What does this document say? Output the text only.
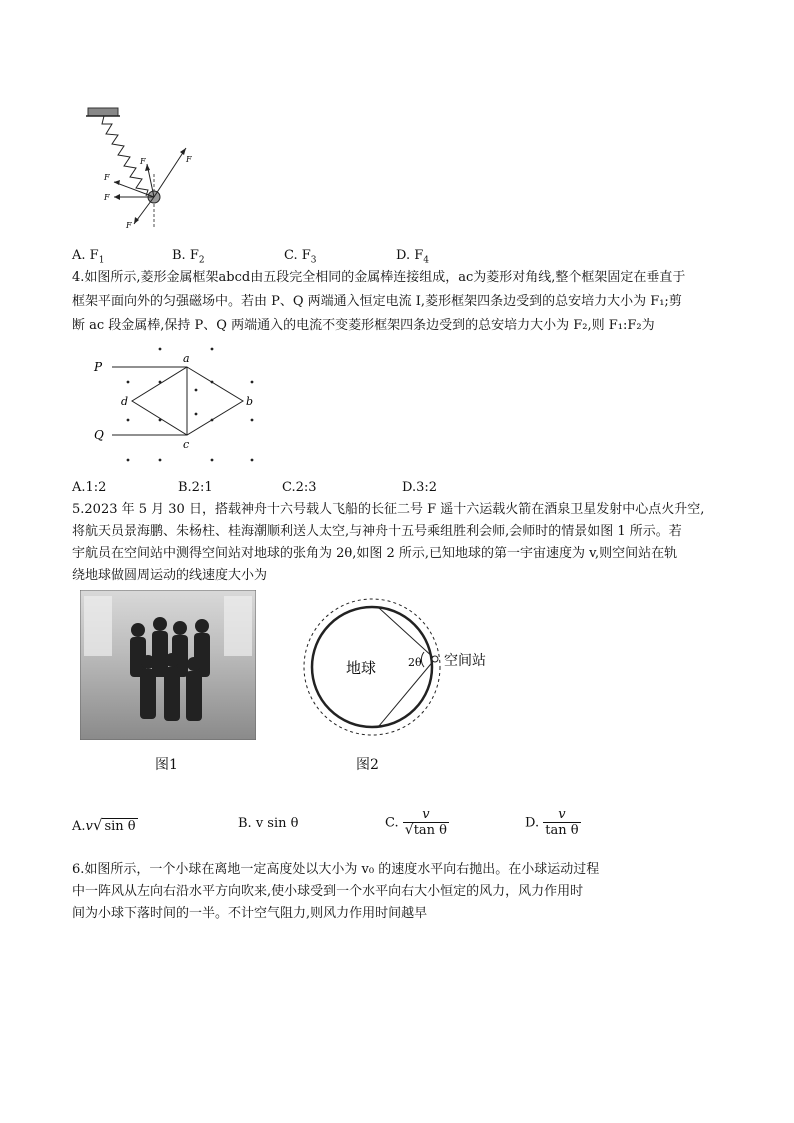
F
F
F
F
F
A. $F_1$	B. $F_2$	C. $F_3$	D. $F_4$
4.如图所示,菱形金属框架abcd由五段完全相同的金属棒连接组成，ac为菱形对角线,整个框架固定在垂直于
框架平面向外的匀强磁场中。若由 P、Q 两端通入恒定电流 I,菱形框架四条边受到的总安培力大小为 F₁;剪
断 ac 段金属棒,保持 P、Q 两端通入的电流不变菱形框架四条边受到的总安培力大小为 F₂,则 F₁:F₂为
P
Q
a
b
c
d
A.1:2	B.2:1	C.2:3	D.3:2
5.2023 年 5 月 30 日，搭载神舟十六号载人飞船的长征二号 F 遥十六运载火箭在酒泉卫星发射中心点火升空,
将航天员景海鹏、朱杨柱、桂海潮顺利送人太空,与神舟十五号乘组胜利会师,会师时的情景如图 1 所示。若
宇航员在空间站中测得空间站对地球的张角为 2θ,如图 2 所示,已知地球的第一宇宙速度为 v,则空间站在轨
绕地球做圆周运动的线速度大小为
图1
地球	2θ 空间站
图2
A.v√ sin θ	B. v sin θ	C. $\frac{v}{\text{√tan θ}}$	D. $\frac{v}{\text{tan θ}}$
6.如图所示，一个小球在离地一定高度处以大小为 v₀ 的速度水平向右抛出。在小球运动过程
中一阵风从左向右沿水平方向吹来,使小球受到一个水平向右大小恒定的风力，风力作用时
间为小球下落时间的一半。不计空气阻力,则风力作用时间越早
